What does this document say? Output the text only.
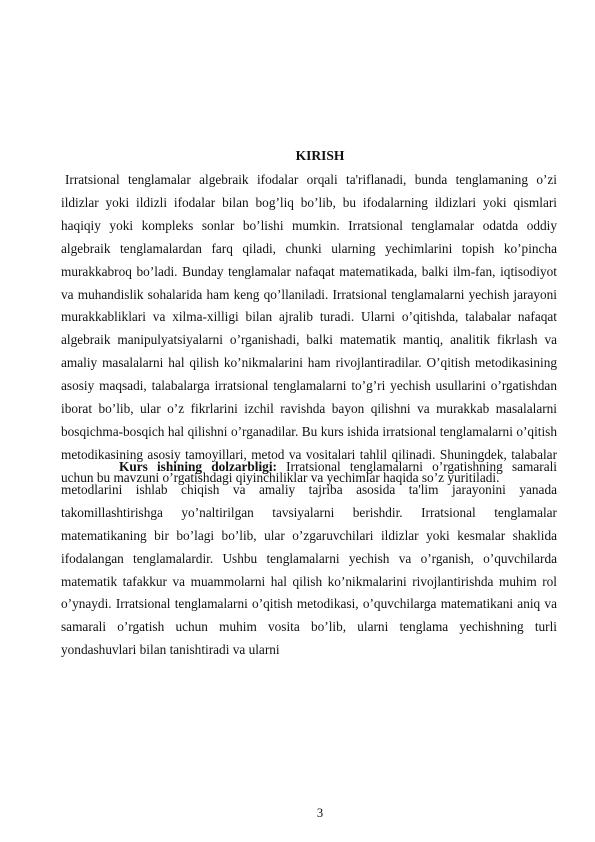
KIRISH

Irratsional tenglamalar algebraik ifodalar orqali ta'riflanadi, bunda tenglamaning o’zi ildizlar yoki ildizli ifodalar bilan bog’liq bo’lib, bu ifodalarning ildizlari yoki qismlari haqiqiy yoki kompleks sonlar bo’lishi mumkin. Irratsional tenglamalar odatda oddiy algebraik tenglamalardan farq qiladi, chunki ularning yechimlarini topish ko’pincha murakkabroq bo’ladi. Bunday tenglamalar nafaqat matematikada, balki ilm-fan, iqtisodiyot va muhandislik sohalarida ham keng qo’llaniladi. Irratsional tenglamalarni yechish jarayoni murakkabliklari va xilma-xilligi bilan ajralib turadi. Ularni o’qitishda, talabalar nafaqat algebraik manipulyatsiyalarni o’rganishadi, balki matematik mantiq, analitik fikrlash va amaliy masalalarni hal qilish ko’nikmalarini ham rivojlantiradilar. O’qitish metodikasining asosiy maqsadi, talabalarga irratsional tenglamalarni to’g’ri yechish usullarini o’rgatishdan iborat bo’lib, ular o’z fikrlarini izchil ravishda bayon qilishni va murakkab masalalarni bosqichma-bosqich hal qilishni o’rganadilar. Bu kurs ishida irratsional tenglamalarni o’qitish metodikasining asosiy tamoyillari, metod va vositalari tahlil qilinadi. Shuningdek, talabalar uchun bu mavzuni o’rgatishdagi qiyinchiliklar va yechimlar haqida so’z yuritiladi.

Kurs ishining dolzarbligi: Irratsional tenglamalarni o’rgatishning samarali metodlarini ishlab chiqish va amaliy tajriba asosida ta'lim jarayonini yanada takomillashtirishga yo’naltirilgan tavsiyalarni berishdir. Irratsional tenglamalar matematikaning bir bo’lagi bo’lib, ular o’zgaruvchilari ildizlar yoki kesmalar shaklida ifodalangan tenglamalardir. Ushbu tenglamalarni yechish va o’rganish, o’quvchilarda matematik tafakkur va muammolarni hal qilish ko’nikmalarini rivojlantirishda muhim rol o’ynaydi. Irratsional tenglamalarni o’qitish metodikasi, o’quvchilarga matematikani aniq va samarali o’rgatish uchun muhim vosita bo’lib, ularni tenglama yechishning turli yondashuvlari bilan tanishtiradi va ularni

3
